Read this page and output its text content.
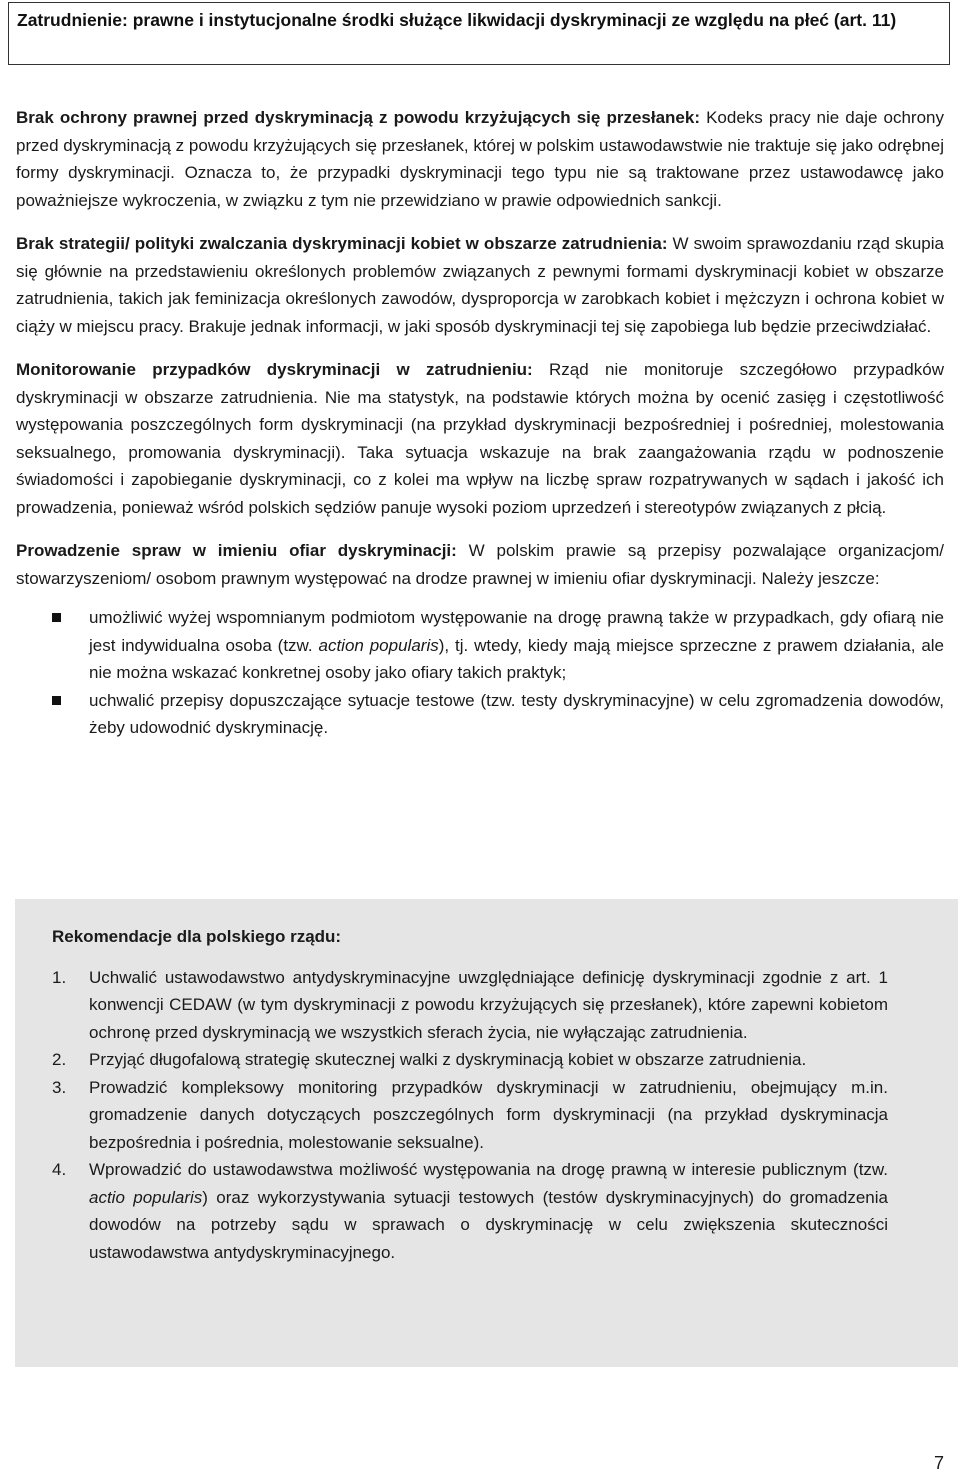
Zatrudnienie: prawne i instytucjonalne środki służące likwidacji dyskryminacji ze względu na płeć (art. 11)

Brak ochrony prawnej przed dyskryminacją z powodu krzyżujących się przesłanek: Kodeks pracy nie daje ochrony przed dyskryminacją z powodu krzyżujących się przesłanek, której w polskim ustawodawstwie nie traktuje się jako odrębnej formy dyskryminacji. Oznacza to, że przypadki dyskryminacji tego typu nie są traktowane przez ustawodawcę jako poważniejsze wykroczenia, w związku z tym nie przewidziano w prawie odpowiednich sankcji.

Brak strategii/ polityki zwalczania dyskryminacji kobiet w obszarze zatrudnienia: W swoim sprawozdaniu rząd skupia się głównie na przedstawieniu określonych problemów związanych z pewnymi formami dyskryminacji kobiet w obszarze zatrudnienia, takich jak feminizacja określonych zawodów, dysproporcja w zarobkach kobiet i mężczyzn i ochrona kobiet w ciąży w miejscu pracy. Brakuje jednak informacji, w jaki sposób dyskryminacji tej się zapobiega lub będzie przeciwdziałać.

Monitorowanie przypadków dyskryminacji w zatrudnieniu: Rząd nie monitoruje szczegółowo przypadków dyskryminacji w obszarze zatrudnienia. Nie ma statystyk, na podstawie których można by ocenić zasięg i częstotliwość występowania poszczególnych form dyskryminacji (na przykład dyskryminacji bezpośredniej i pośredniej, molestowania seksualnego, promowania dyskryminacji). Taka sytuacja wskazuje na brak zaangażowania rządu w podnoszenie świadomości i zapobieganie dyskryminacji, co z kolei ma wpływ na liczbę spraw rozpatrywanych w sądach i jakość ich prowadzenia, ponieważ wśród polskich sędziów panuje wysoki poziom uprzedzeń i stereotypów związanych z płcią.

Prowadzenie spraw w imieniu ofiar dyskryminacji: W polskim prawie są przepisy pozwalające organizacjom/ stowarzyszeniom/ osobom prawnym występować na drodze prawnej w imieniu ofiar dyskryminacji. Należy jeszcze:

umożliwić wyżej wspomnianym podmiotom występowanie na drogę prawną także w przypadkach, gdy ofiarą nie jest indywidualna osoba (tzw. action popularis), tj. wtedy, kiedy mają miejsce sprzeczne z prawem działania, ale nie można wskazać konkretnej osoby jako ofiary takich praktyk;
uchwalić przepisy dopuszczające sytuacje testowe (tzw. testy dyskryminacyjne) w celu zgromadzenia dowodów, żeby udowodnić dyskryminację.
Rekomendacje dla polskiego rządu:
1. Uchwalić ustawodawstwo antydyskryminacyjne uwzględniające definicję dyskryminacji zgodnie z art. 1 konwencji CEDAW (w tym dyskryminacji z powodu krzyżujących się przesłanek), które zapewni kobietom ochronę przed dyskryminacją we wszystkich sferach życia, nie wyłączając zatrudnienia.
2. Przyjąć długofalową strategię skutecznej walki z dyskryminacją kobiet w obszarze zatrudnienia.
3. Prowadzić kompleksowy monitoring przypadków dyskryminacji w zatrudnieniu, obejmujący m.in. gromadzenie danych dotyczących poszczególnych form dyskryminacji (na przykład dyskryminacja bezpośrednia i pośrednia, molestowanie seksualne).
4. Wprowadzić do ustawodawstwa możliwość występowania na drogę prawną w interesie publicznym (tzw. actio popularis) oraz wykorzystywania sytuacji testowych (testów dyskryminacyjnych) do gromadzenia dowodów na potrzeby sądu w sprawach o dyskryminację w celu zwiększenia skuteczności ustawodawstwa antydyskryminacyjnego.
7
